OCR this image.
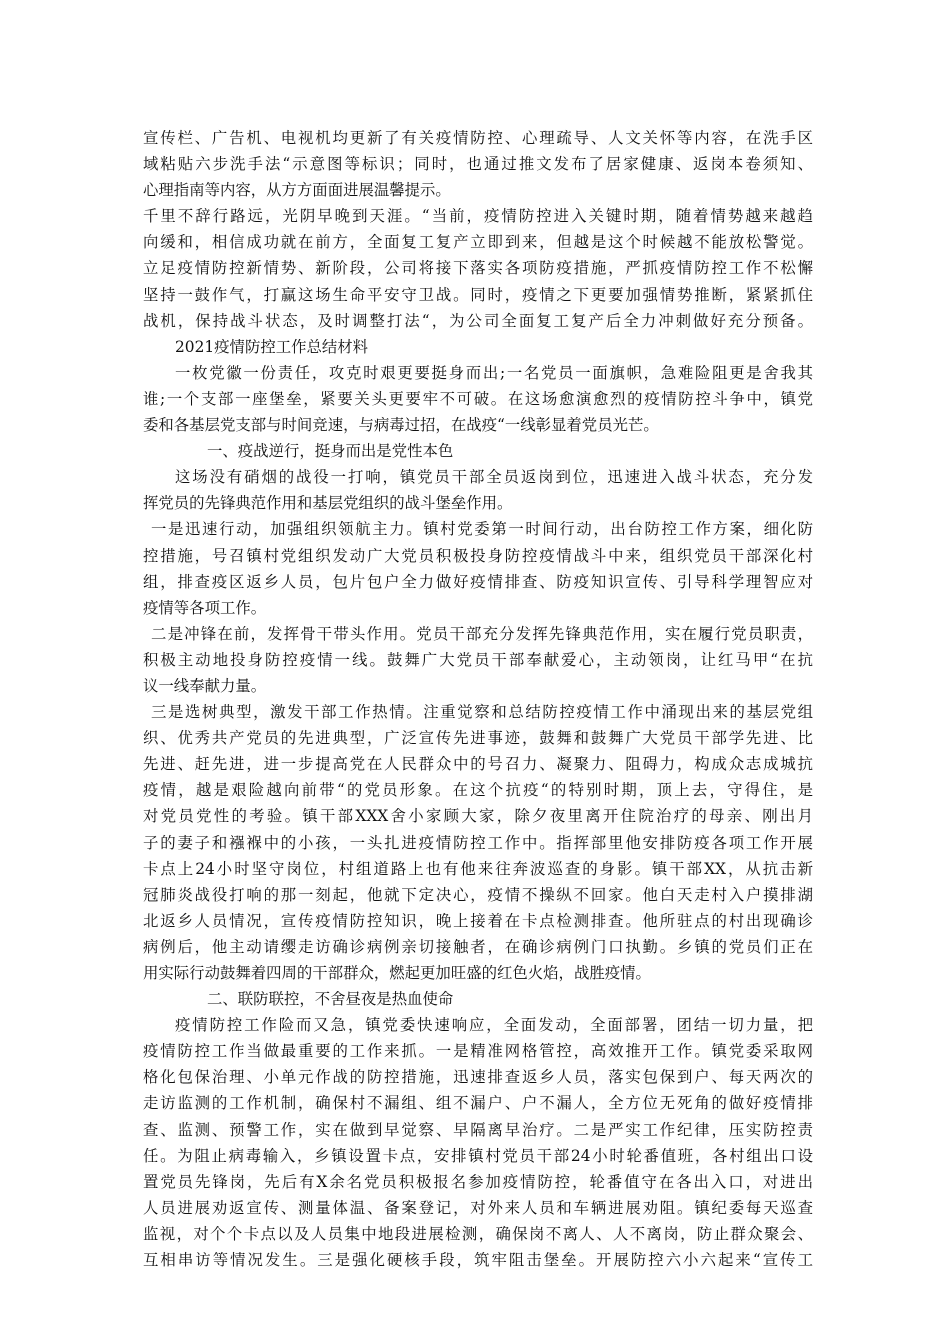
宣传栏、广告机、电视机均更新了有关疫情防控、心理疏导、人文关怀等内容，在洗手区
域粘贴六步洗手法“示意图等标识；同时，也通过推文发布了居家健康、返岗本卷须知、
心理指南等内容，从方方面面进展温馨提示。
千里不辞行路远，光阴早晚到天涯。“当前，疫情防控进入关键时期，随着情势越来越趋
向缓和，相信成功就在前方，全面复工复产立即到来，但越是这个时候越不能放松警觉。
立足疫情防控新情势、新阶段，公司将接下落实各项防疫措施，严抓疫情防控工作不松懈
坚持一鼓作气，打赢这场生命平安守卫战。同时，疫情之下更要加强情势推断，紧紧抓住
战机，保持战斗状态，及时调整打法“，为公司全面复工复产后全力冲刺做好充分预备。
2021疫情防控工作总结材料
一枚党徽一份责任，攻克时艰更要挺身而出;一名党员一面旗帜，急难险阻更是舍我其
谁;一个支部一座堡垒，紧要关头更要牢不可破。在这场愈演愈烈的疫情防控斗争中，镇党
委和各基层党支部与时间竞速，与病毒过招，在战疫“一线彰显着党员光芒。
一、疫战逆行，挺身而出是党性本色
这场没有硝烟的战役一打响，镇党员干部全员返岗到位，迅速进入战斗状态，充分发
挥党员的先锋典范作用和基层党组织的战斗堡垒作用。
一是迅速行动，加强组织领航主力。镇村党委第一时间行动，出台防控工作方案，细化防
控措施，号召镇村党组织发动广大党员积极投身防控疫情战斗中来，组织党员干部深化村
组，排查疫区返乡人员，包片包户全力做好疫情排查、防疫知识宣传、引导科学理智应对
疫情等各项工作。
二是冲锋在前，发挥骨干带头作用。党员干部充分发挥先锋典范作用，实在履行党员职责，
积极主动地投身防控疫情一线。鼓舞广大党员干部奉献爱心，主动领岗，让红马甲“在抗
议一线奉献力量。
三是选树典型，激发干部工作热情。注重觉察和总结防控疫情工作中涌现出来的基层党组
织、优秀共产党员的先进典型，广泛宣传先进事迹，鼓舞和鼓舞广大党员干部学先进、比
先进、赶先进，进一步提高党在人民群众中的号召力、凝聚力、阻碍力，构成众志成城抗
疫情，越是艰险越向前带“的党员形象。在这个抗疫“的特别时期，顶上去，守得住，是
对党员党性的考验。镇干部XXX舍小家顾大家，除夕夜里离开住院治疗的母亲、刚出月
子的妻子和襁褓中的小孩，一头扎进疫情防控工作中。指挥部里他安排防疫各项工作开展
卡点上24小时坚守岗位，村组道路上也有他来往奔波巡查的身影。镇干部XX，从抗击新
冠肺炎战役打响的那一刻起，他就下定决心，疫情不操纵不回家。他白天走村入户摸排湖
北返乡人员情况，宣传疫情防控知识，晚上接着在卡点检测排查。他所驻点的村出现确诊
病例后，他主动请缨走访确诊病例亲切接触者，在确诊病例门口执勤。乡镇的党员们正在
用实际行动鼓舞着四周的干部群众，燃起更加旺盛的红色火焰，战胜疫情。
二、联防联控，不舍昼夜是热血使命
疫情防控工作险而又急，镇党委快速响应，全面发动，全面部署，团结一切力量，把
疫情防控工作当做最重要的工作来抓。一是精准网格管控，高效推开工作。镇党委采取网
格化包保治理、小单元作战的防控措施，迅速排查返乡人员，落实包保到户、每天两次的
走访监测的工作机制，确保村不漏组、组不漏户、户不漏人，全方位无死角的做好疫情排
查、监测、预警工作，实在做到早觉察、早隔离早治疗。二是严实工作纪律，压实防控责
任。为阻止病毒输入，乡镇设置卡点，安排镇村党员干部24小时轮番值班，各村组出口设
置党员先锋岗，先后有X余名党员积极报名参加疫情防控，轮番值守在各出入口，对进出
人员进展劝返宣传、测量体温、备案登记，对外来人员和车辆进展劝阻。镇纪委每天巡查
监视，对个个卡点以及人员集中地段进展检测，确保岗不离人、人不离岗，防止群众聚会、
互相串访等情况发生。三是强化硬核手段，筑牢阻击堡垒。开展防控六小六起来“宣传工
